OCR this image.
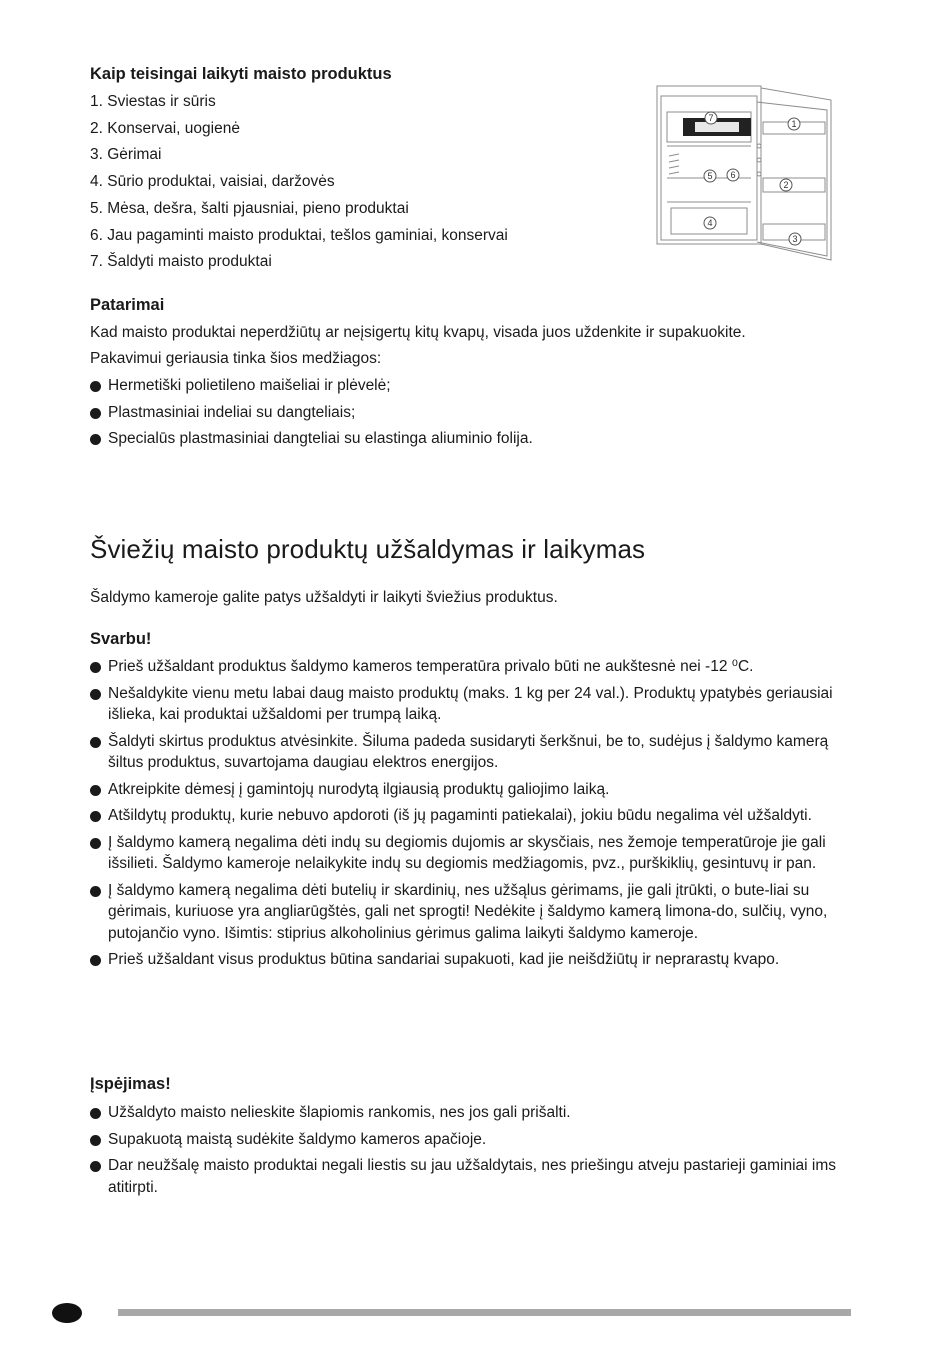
Kaip teisingai laikyti maisto produktus
1. Sviestas ir sūris
2. Konservai, uogienė
3. Gėrimai
4. Sūrio produktai, vaisiai, daržovės
5. Mėsa, dešra, šalti pjausniai, pieno produktai
6. Jau pagaminti maisto produktai, tešlos gaminiai, konservai
7. Šaldyti maisto produktai
1
2
3
4
5 6
7
Patarimai
Kad maisto produktai neperdžiūtų ar neįsigertų kitų kvapų, visada juos uždenkite ir supakuokite.
Pakavimui geriausia tinka šios medžiagos:
Hermetiški polietileno maišeliai ir plėvelė;
Plastmasiniai indeliai su dangteliais;
Specialūs plastmasiniai dangteliai su elastinga aliuminio folija.
Šviežių maisto produktų užšaldymas ir laikymas
Šaldymo kameroje galite patys užšaldyti ir laikyti šviežius produktus.
Svarbu!
Prieš užšaldant produktus šaldymo kameros temperatūra privalo būti ne aukštesnė nei -12 ⁰C.
Nešaldykite vienu metu labai daug maisto produktų (maks. 1 kg per 24 val.). Produktų ypatybės geriausiai išlieka, kai produktai užšaldomi per trumpą laiką.
Šaldyti skirtus produktus atvėsinkite. Šiluma padeda susidaryti šerkšnui, be to, sudėjus į šaldymo kamerą šiltus produktus, suvartojama daugiau elektros energijos.
Atkreipkite dėmesį į gamintojų nurodytą ilgiausią produktų galiojimo laiką.
Atšildytų produktų, kurie nebuvo apdoroti (iš jų pagaminti patiekalai), jokiu būdu negalima vėl užšaldyti.
Į šaldymo kamerą negalima dėti indų su degiomis dujomis ar skysčiais, nes žemoje temperatūroje jie gali išsilieti. Šaldymo kameroje nelaikykite indų su degiomis medžiagomis, pvz., purškiklių, gesintuvų ir pan.
Į šaldymo kamerą negalima dėti butelių ir skardinių, nes užšąlus gėrimams, jie gali įtrūkti, o bute-liai su gėrimais, kuriuose yra angliarūgštės, gali net sprogti! Nedėkite į šaldymo kamerą limona-do, sulčių, vyno, putojančio vyno. Išimtis: stiprius alkoholinius gėrimus galima laikyti šaldymo kameroje.
Prieš užšaldant visus produktus būtina sandariai supakuoti, kad jie neišdžiūtų ir neprarastų kvapo.
Įspėjimas!
Užšaldyto maisto nelieskite šlapiomis rankomis, nes jos gali prišalti.
Supakuotą maistą sudėkite šaldymo kameros apačioje.
Dar neužšalę maisto produktai negali liestis su jau užšaldytais, nes priešingu atveju pastarieji gaminiai ims atitirpti.
